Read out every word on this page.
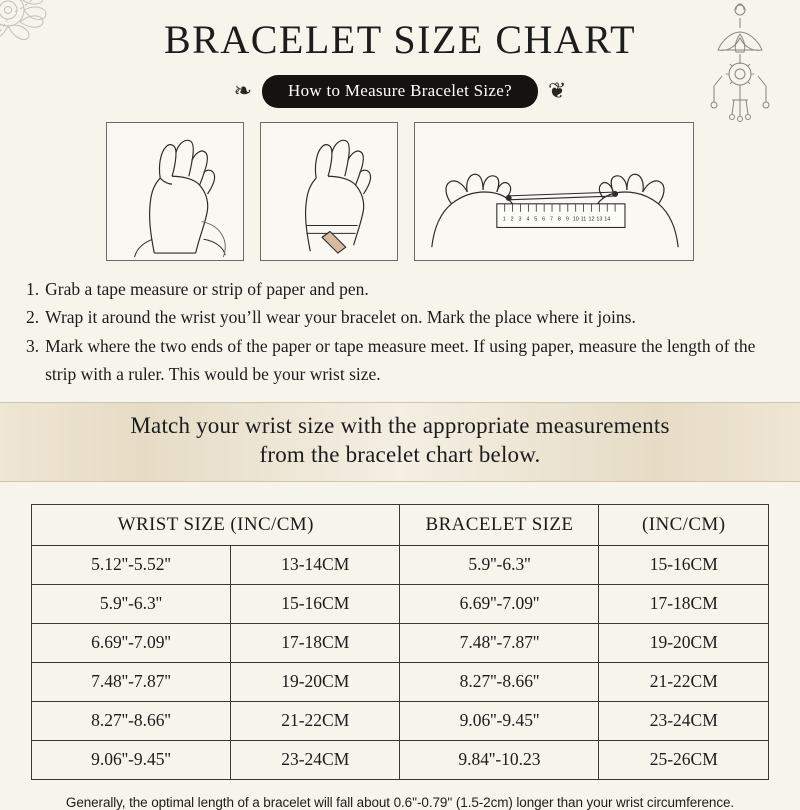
BRACELET SIZE CHART
❧	How to Measure Bracelet Size?	❦
1 2 3 4 5 6 7 8 9 10 11 12 13 14
1. Grab a tape measure or strip of paper and pen.
2. Wrap it around the wrist you’ll wear your bracelet on. Mark the place where it joins.
3. Mark where the two ends of the paper or tape measure meet. If using paper, measure the length of the strip with a ruler. This would be your wrist size.
Match your wrist size with the appropriate measurements
from the bracelet chart below.
WRIST SIZE (INC/CM)		BRACELET SIZE	(INC/CM)
5.12''-5.52''	13-14CM	5.9''-6.3''	15-16CM
5.9''-6.3''	15-16CM	6.69''-7.09''	17-18CM
6.69''-7.09''	17-18CM	7.48''-7.87''	19-20CM
7.48''-7.87''	19-20CM	8.27''-8.66''	21-22CM
8.27''-8.66''	21-22CM	9.06''-9.45''	23-24CM
9.06''-9.45''	23-24CM	9.84''-10.23	25-26CM
Generally, the optimal length of a bracelet will fall about 0.6''-0.79'' (1.5-2cm) longer than your wrist circumference.
